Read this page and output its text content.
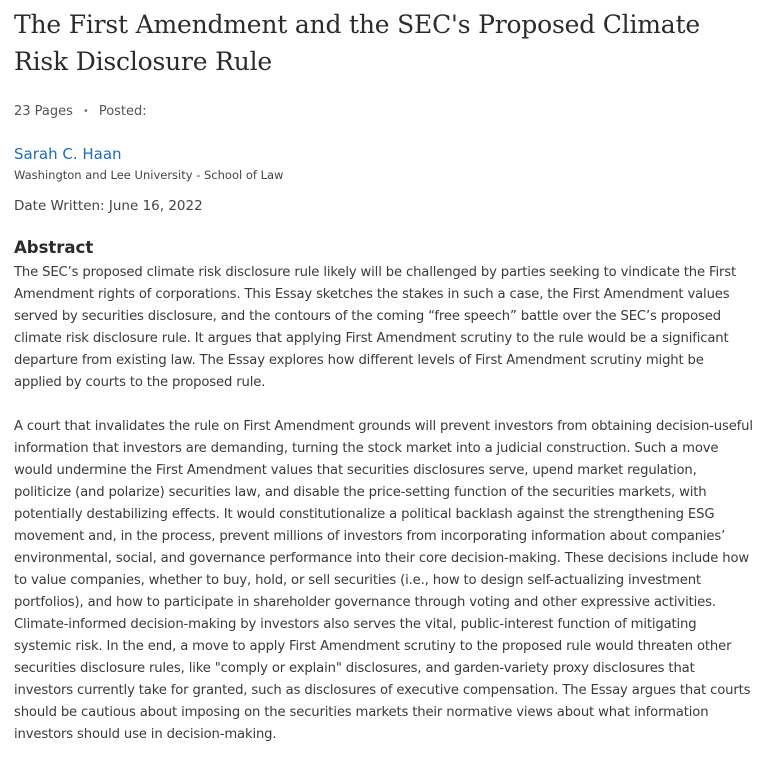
The First Amendment and the SEC's Proposed Climate Risk Disclosure Rule
23 Pages • Posted:
Sarah C. Haan
Washington and Lee University - School of Law
Date Written: June 16, 2022
Abstract

The SEC’s proposed climate risk disclosure rule likely will be challenged by parties seeking to vindicate the First Amendment rights of corporations. This Essay sketches the stakes in such a case, the First Amendment values served by securities disclosure, and the contours of the coming “free speech” battle over the SEC’s proposed climate risk disclosure rule. It argues that applying First Amendment scrutiny to the rule would be a significant departure from existing law. The Essay explores how different levels of First Amendment scrutiny might be applied by courts to the proposed rule.

A court that invalidates the rule on First Amendment grounds will prevent investors from obtaining decision-useful information that investors are demanding, turning the stock market into a judicial construction. Such a move would undermine the First Amendment values that securities disclosures serve, upend market regulation, politicize (and polarize) securities law, and disable the price-setting function of the securities markets, with potentially destabilizing effects. It would constitutionalize a political backlash against the strengthening ESG movement and, in the process, prevent millions of investors from incorporating information about companies’ environmental, social, and governance performance into their core decision-making. These decisions include how to value companies, whether to buy, hold, or sell securities (i.e., how to design self-actualizing investment portfolios), and how to participate in shareholder governance through voting and other expressive activities. Climate-informed decision-making by investors also serves the vital, public-interest function of mitigating systemic risk. In the end, a move to apply First Amendment scrutiny to the proposed rule would threaten other securities disclosure rules, like "comply or explain" disclosures, and garden-variety proxy disclosures that investors currently take for granted, such as disclosures of executive compensation. The Essay argues that courts should be cautious about imposing on the securities markets their normative views about what information investors should use in decision-making.
